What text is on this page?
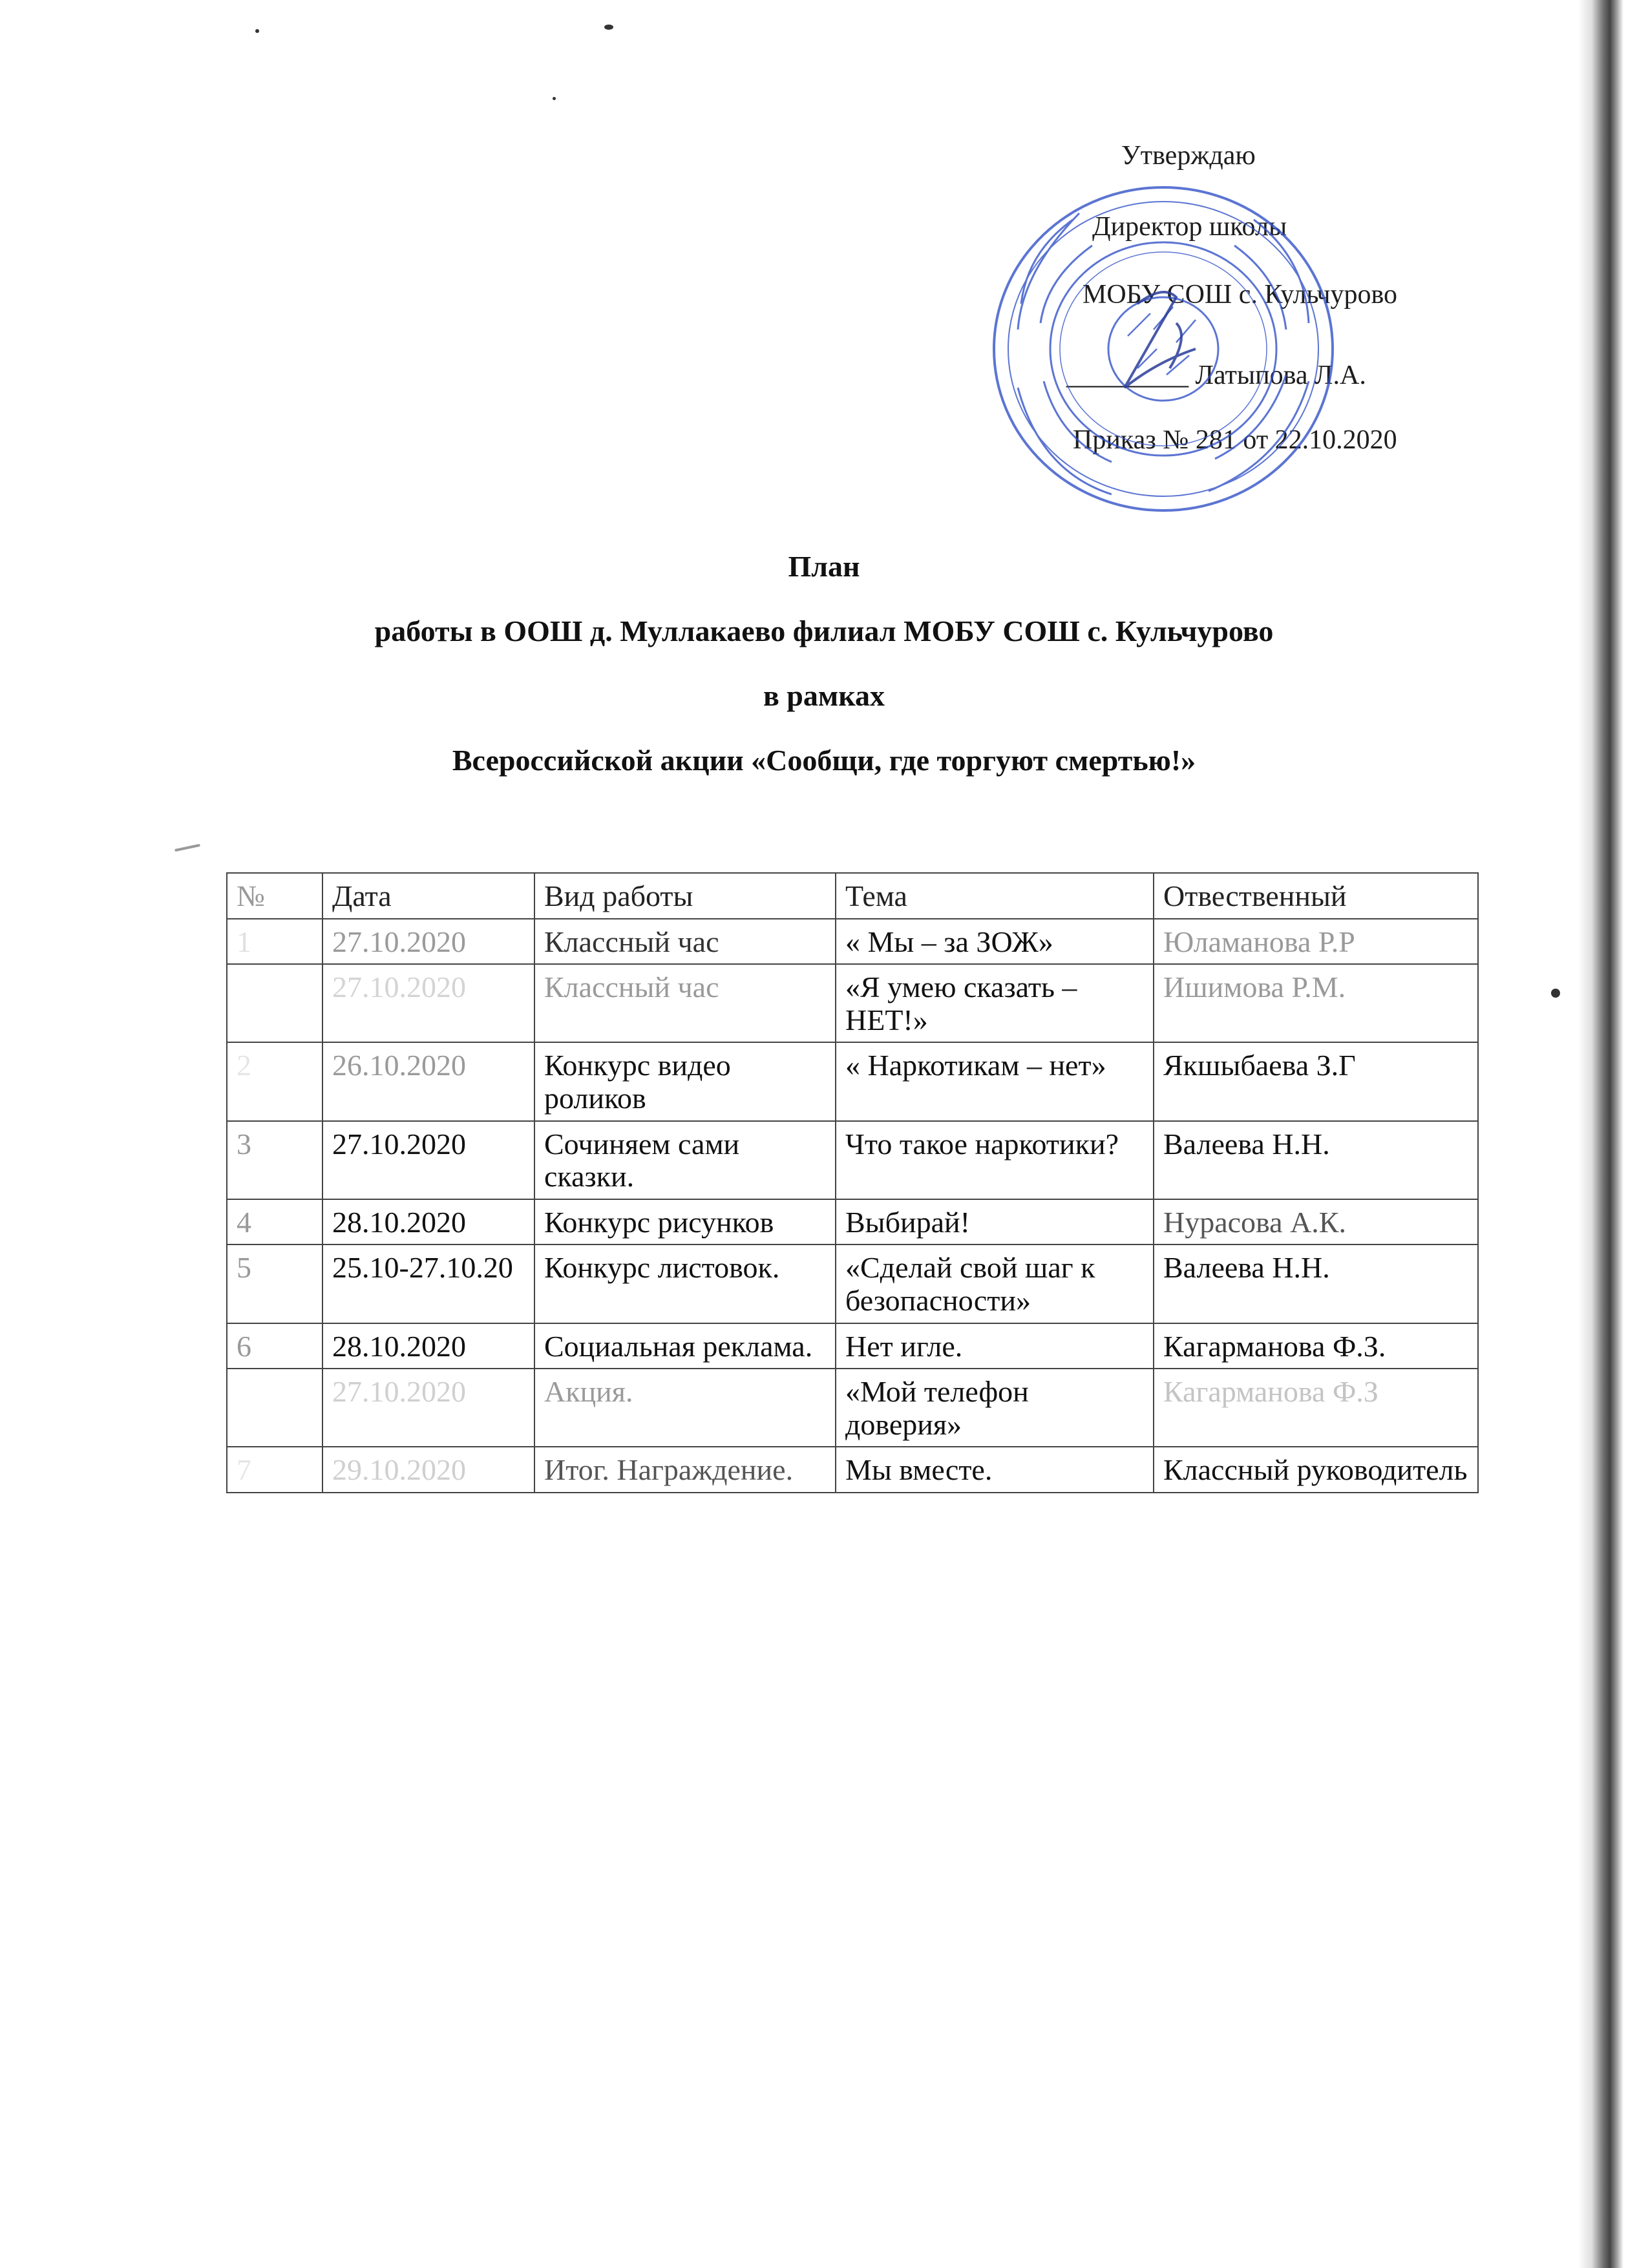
Утверждаю
Директор школы
МОБУ СОШ с. Кульчурово
_________ Латыпова Л.А.
Приказ № 281 от 22.10.2020
План
работы в ООШ д. Муллакаево филиал МОБУ СОШ с. Кульчурово
в рамках
Всероссийской акции «Сообщи, где торгуют смертью!»
№	Дата	Вид работы	Тема	Отвественный
1	27.10.2020	Классный час	« Мы – за ЗОЖ»	Юламанова Р.Р
	27.10.2020	Классный час	«Я умею сказать – НЕТ!»	Ишимова Р.М.
2	26.10.2020	Конкурс видео роликов	« Наркотикам – нет»	Якшыбаева З.Г
3	27.10.2020	Сочиняем сами сказки.	Что такое наркотики?	Валеева Н.Н.
4	28.10.2020	Конкурс рисунков	Выбирай!	Нурасова А.К.
5	25.10-27.10.20	Конкурс листовок.	«Сделай свой шаг к безопасности»	Валеева Н.Н.
6	28.10.2020	Социальная реклама.	Нет игле.	Кагарманова Ф.З.
	27.10.2020	Акция.	«Мой телефон доверия»	Кагарманова Ф.З
7	29.10.2020	Итог. Награждение.	Мы вместе.	Классный руководитель
